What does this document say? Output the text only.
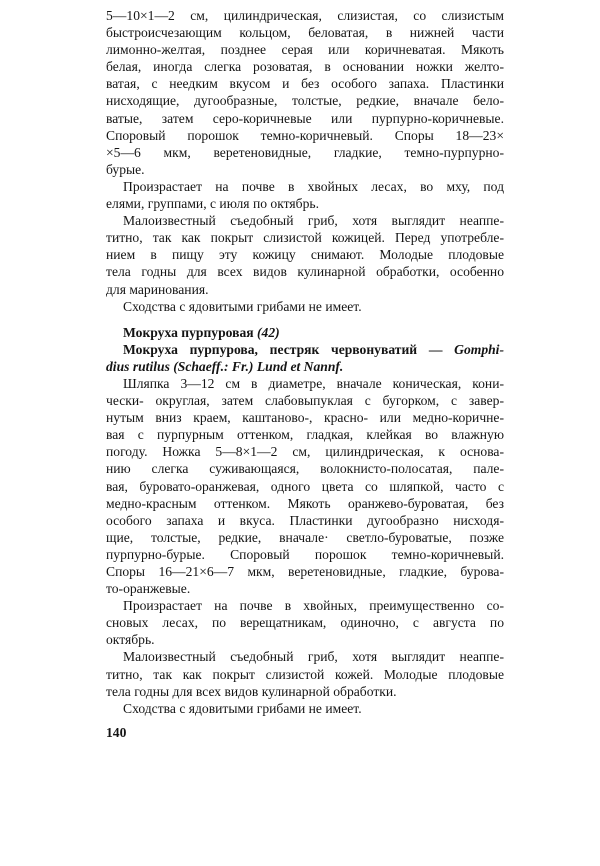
5—10×1—2 см, цилиндрическая, слизистая, со слизистым
быстроисчезающим кольцом, беловатая, в нижней части
лимонно-желтая, позднее серая или коричневатая. Мякоть
белая, иногда слегка розоватая, в основании ножки желто-
ватая, с неедким вкусом и без особого запаха. Пластинки
нисходящие, дугообразные, толстые, редкие, вначале бело-
ватые, затем серо-коричневые или пурпурно-коричневые.
Споровый порошок темно-коричневый. Споры 18—23×
×5—6 мкм, веретеновидные, гладкие, темно-пурпурно-
бурые.
Произрастает на почве в хвойных лесах, во мху, под
елями, группами, с июля по октябрь.
Малоизвестный съедобный гриб, хотя выглядит неаппе-
титно, так как покрыт слизистой кожицей. Перед употребле-
нием в пищу эту кожицу снимают. Молодые плодовые
тела годны для всех видов кулинарной обработки, особенно
для маринования.
Сходства с ядовитыми грибами не имеет.
Мокруха пурпуровая (42)
Мокруха пурпурова, пестряк червонуватий — Gomphi-
dius rutilus (Schaeff.: Fr.) Lund et Nannf.
Шляпка 3—12 см в диаметре, вначале коническая, кони-
чески- округлая, затем слабовыпуклая с бугорком, с завер-
нутым вниз краем, каштаново-, красно- или медно-коричне-
вая с пурпурным оттенком, гладкая, клейкая во влажную
погоду. Ножка 5—8×1—2 см, цилиндрическая, к основа-
нию слегка суживающаяся, волокнисто-полосатая, пале-
вая, буровато-оранжевая, одного цвета со шляпкой, часто с
медно-красным оттенком. Мякоть оранжево-буроватая, без
особого запаха и вкуса. Пластинки дугообразно нисходя-
щие, толстые, редкие, вначале· светло-буроватые, позже
пурпурно-бурые. Споровый порошок темно-коричневый.
Споры 16—21×6—7 мкм, веретеновидные, гладкие, бурова-
то-оранжевые.
Произрастает на почве в хвойных, преимущественно со-
сновых лесах, по верещатникам, одиночно, с августа по
октябрь.
Малоизвестный съедобный гриб, хотя выглядит неаппе-
титно, так как покрыт слизистой кожей. Молодые плодовые
тела годны для всех видов кулинарной обработки.
Сходства с ядовитыми грибами не имеет.
140
